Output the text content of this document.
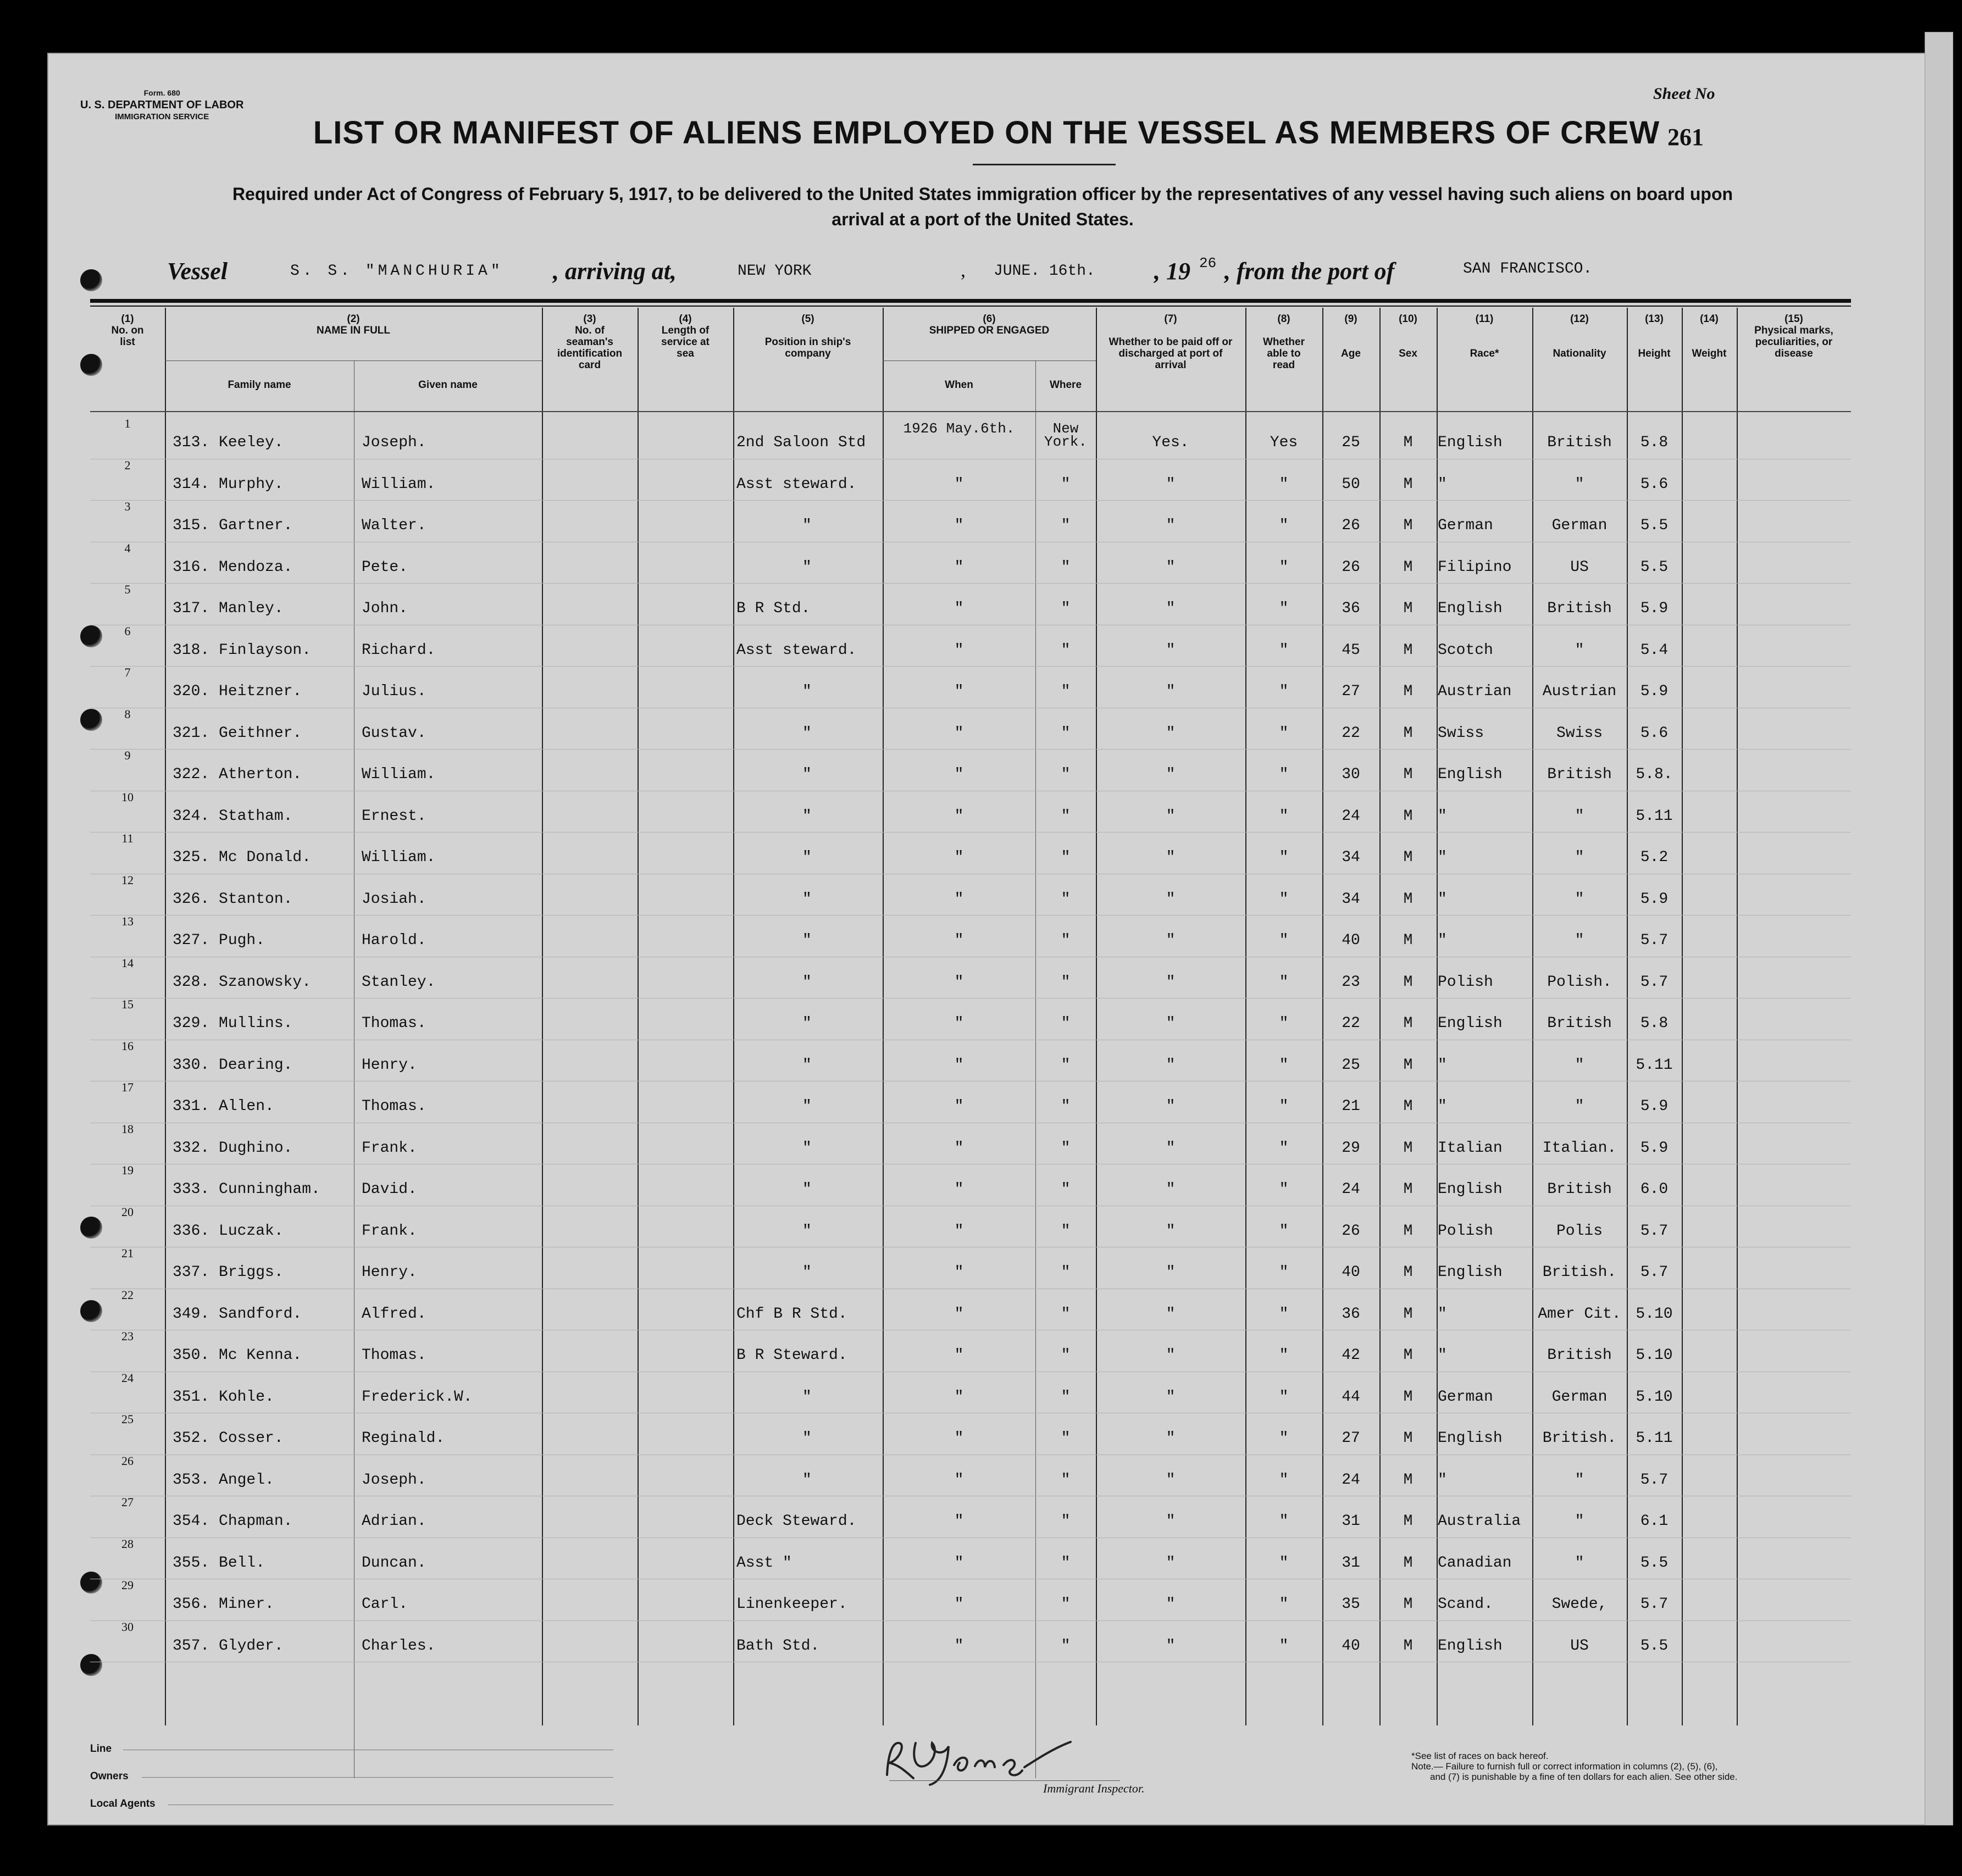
Form. 680
U. S. DEPARTMENT OF LABOR
IMMIGRATION SERVICE	LIST OR MANIFEST OF ALIENS EMPLOYED ON THE VESSEL AS MEMBERS OF CREW
Required under Act of Congress of February 5, 1917, to be delivered to the United States immigration officer by the representatives of any vessel having such aliens on board upon arrival at a port of the United States.
Sheet No
261
Vessel	S. S. "MANCHURIA" , arriving at,	NEW YORK	, JUNE. 16th. , 19 26 , from the port of	SAN FRANCISCO.
(1)
No. on list
(2)
NAME IN FULL
Family name	Given name
(3)
No. of seaman's identification card
(4)
Length of service at sea
(5)

Position in ship's company
(6)
SHIPPED OR ENGAGED
When	Where
(7)

Whether to be paid off or discharged at port of arrival
(8)

Whether able to read
(9)

Age
(10)

Sex
(11)

Race*
(12)

Nationality
(13)

Height
(14)

Weight
(15)
Physical marks, peculiarities, or disease
1
313. Keeley.	Joseph.	2nd Saloon Std
1926 May.6th.	New York.	Yes.	Yes	25	M	English	British	5.8
2
314. Murphy.	William.	Asst steward.	"	"	"	"	50	M	"	"	5.6
3
315. Gartner.	Walter.	"	"	"	"	"	26	M	German	German	5.5
4
316. Mendoza.	Pete.	"	"	"	"	"	26	M	Filipino	US	5.5
5
317. Manley.	John.	B R Std.	"	"	"	"	36	M	English	British	5.9
6
318. Finlayson.	Richard.	Asst steward.	"	"	"	"	45	M	Scotch	"	5.4
7
320. Heitzner.	Julius.	"	"	"	"	"	27	M	Austrian	Austrian	5.9
8
321. Geithner.	Gustav.	"	"	"	"	"	22	M	Swiss	Swiss	5.6
9
322. Atherton.	William.	"	"	"	"	"	30	M	English	British	5.8.
10
324. Statham.	Ernest.	"	"	"	"	"	24	M	"	"	5.11
11
325. Mc Donald.	William.	"	"	"	"	"	34	M	"	"	5.2
12
326. Stanton.	Josiah.	"	"	"	"	"	34	M	"	"	5.9
13
327. Pugh.	Harold.	"	"	"	"	"	40	M	"	"	5.7
14
328. Szanowsky.	Stanley.	"	"	"	"	"	23	M	Polish	Polish.	5.7
15
329. Mullins.	Thomas.	"	"	"	"	"	22	M	English	British	5.8
16
330. Dearing.	Henry.	"	"	"	"	"	25	M	"	"	5.11
17
331. Allen.	Thomas.	"	"	"	"	"	21	M	"	"	5.9
18
332. Dughino.	Frank.	"	"	"	"	"	29	M	Italian	Italian.	5.9
19
333. Cunningham.	David.	"	"	"	"	"	24	M	English	British	6.0
20
336. Luczak.	Frank.	"	"	"	"	"	26	M	Polish	Polis	5.7
21
337. Briggs.	Henry.	"	"	"	"	"	40	M	English	British.	5.7
22
349. Sandford.	Alfred.	Chf B R Std.	"	"	"	"	36	M	"	Amer Cit. 5.10
23
350. Mc Kenna.	Thomas.	B R Steward.	"	"	"	"	42	M	"	British	5.10
24
351. Kohle.	Frederick.W.	"	"	"	"	"	44	M	German	German	5.10
25
352. Cosser.	Reginald.	"	"	"	"	"	27	M	English	British.	5.11
26
353. Angel.	Joseph.	"	"	"	"	"	24	M	"	"	5.7
27
354. Chapman.	Adrian.	Deck Steward.	"	"	"	"	31	M	Australia	"	6.1
28
355. Bell.	Duncan.	Asst "	"	"	"	"	31	M	Canadian	"	5.5
29
356. Miner.	Carl.	Linenkeeper.	"	"	"	"	35	M	Scand.	Swede,	5.7
30
357. Glyder.	Charles.	Bath Std.	"	"	"	"	40	M	English	US	5.5
Line
Owners
Local Agents
Immigrant Inspector.
*See list of races on back hereof.
Note.— Failure to furnish full or correct information in columns (2), (5), (6),
and (7) is punishable by a fine of ten dollars for each alien. See other side.
